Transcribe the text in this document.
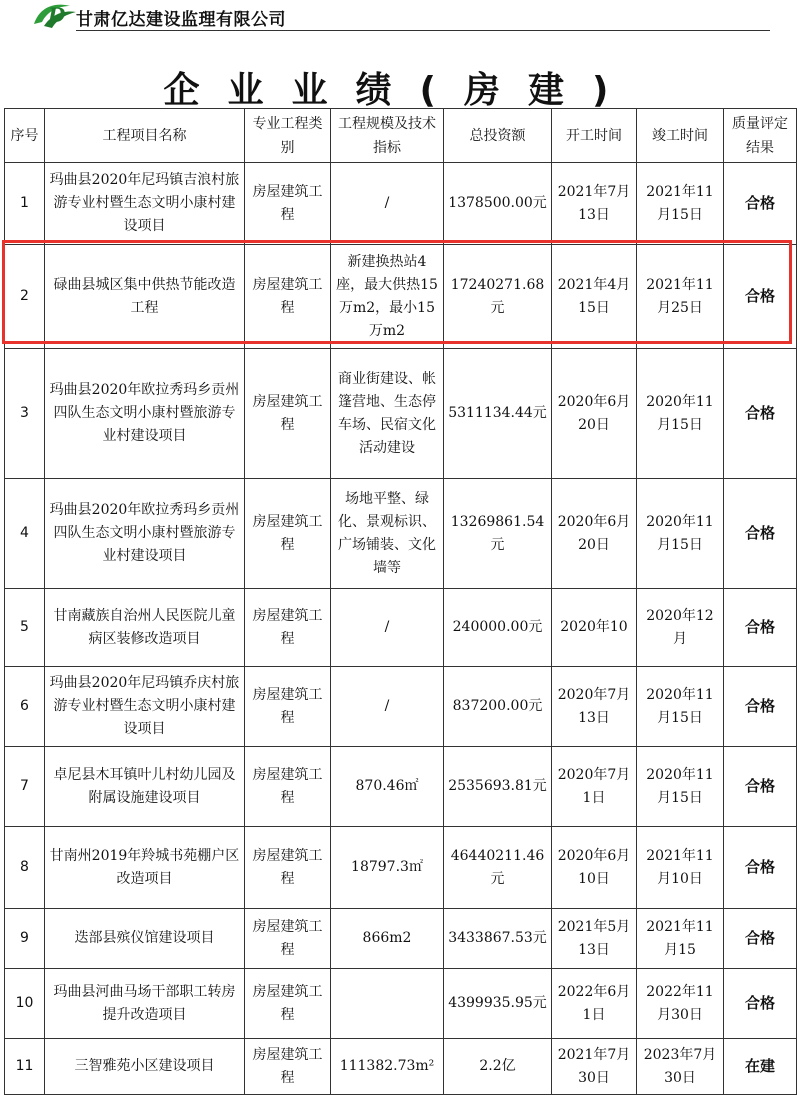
D 甘肃亿达建设监理有限公司
企业业绩(房建)
序号	工程项目名称	专业工程类别	工程规模及技术指标	总投资额	开工时间	竣工时间	质量评定结果
1	玛曲县2020年尼玛镇吉浪村旅游专业村暨生态文明小康村建设项目	房屋建筑工程	/	1378500.00元	2021年7月13日	2021年11月15日	合格
2	碌曲县城区集中供热节能改造工程	房屋建筑工程	新建换热站4座，最大供热15万m2，最小15万m2	17240271.68元	2021年4月15日	2021年11月25日	合格
3	玛曲县2020年欧拉秀玛乡贡州四队生态文明小康村暨旅游专业村建设项目	房屋建筑工程	商业街建设、帐篷营地、生态停车场、民宿文化活动建设	5311134.44元	2020年6月20日	2020年11月15日	合格
4	玛曲县2020年欧拉秀玛乡贡州四队生态文明小康村暨旅游专业村建设项目	房屋建筑工程	场地平整、绿化、景观标识、广场铺装、文化墙等	13269861.54元	2020年6月20日	2020年11月15日	合格
5	甘南藏族自治州人民医院儿童病区装修改造项目	房屋建筑工程	/	240000.00元	2020年10	2020年12月	合格
6	玛曲县2020年尼玛镇乔庆村旅游专业村暨生态文明小康村建设项目	房屋建筑工程	/	837200.00元	2020年7月13日	2020年11月15日	合格
7	卓尼县木耳镇叶儿村幼儿园及附属设施建设项目	房屋建筑工程	870.46㎡	2535693.81元	2020年7月1日	2020年11月15日	合格
8	甘南州2019年羚城书苑棚户区改造项目	房屋建筑工程	18797.3㎡	46440211.46元	2020年6月10日	2021年11月10日	合格
9	迭部县殡仪馆建设项目	房屋建筑工程	866m2	3433867.53元	2021年5月13日	2021年11月15	合格
10	玛曲县河曲马场干部职工转房提升改造项目	房屋建筑工程		4399935.95元	2022年6月1日	2022年11月30日	合格
11	三智雅苑小区建设项目	房屋建筑工程	111382.73m²	2.2亿	2021年7月30日	2023年7月30日	在建
